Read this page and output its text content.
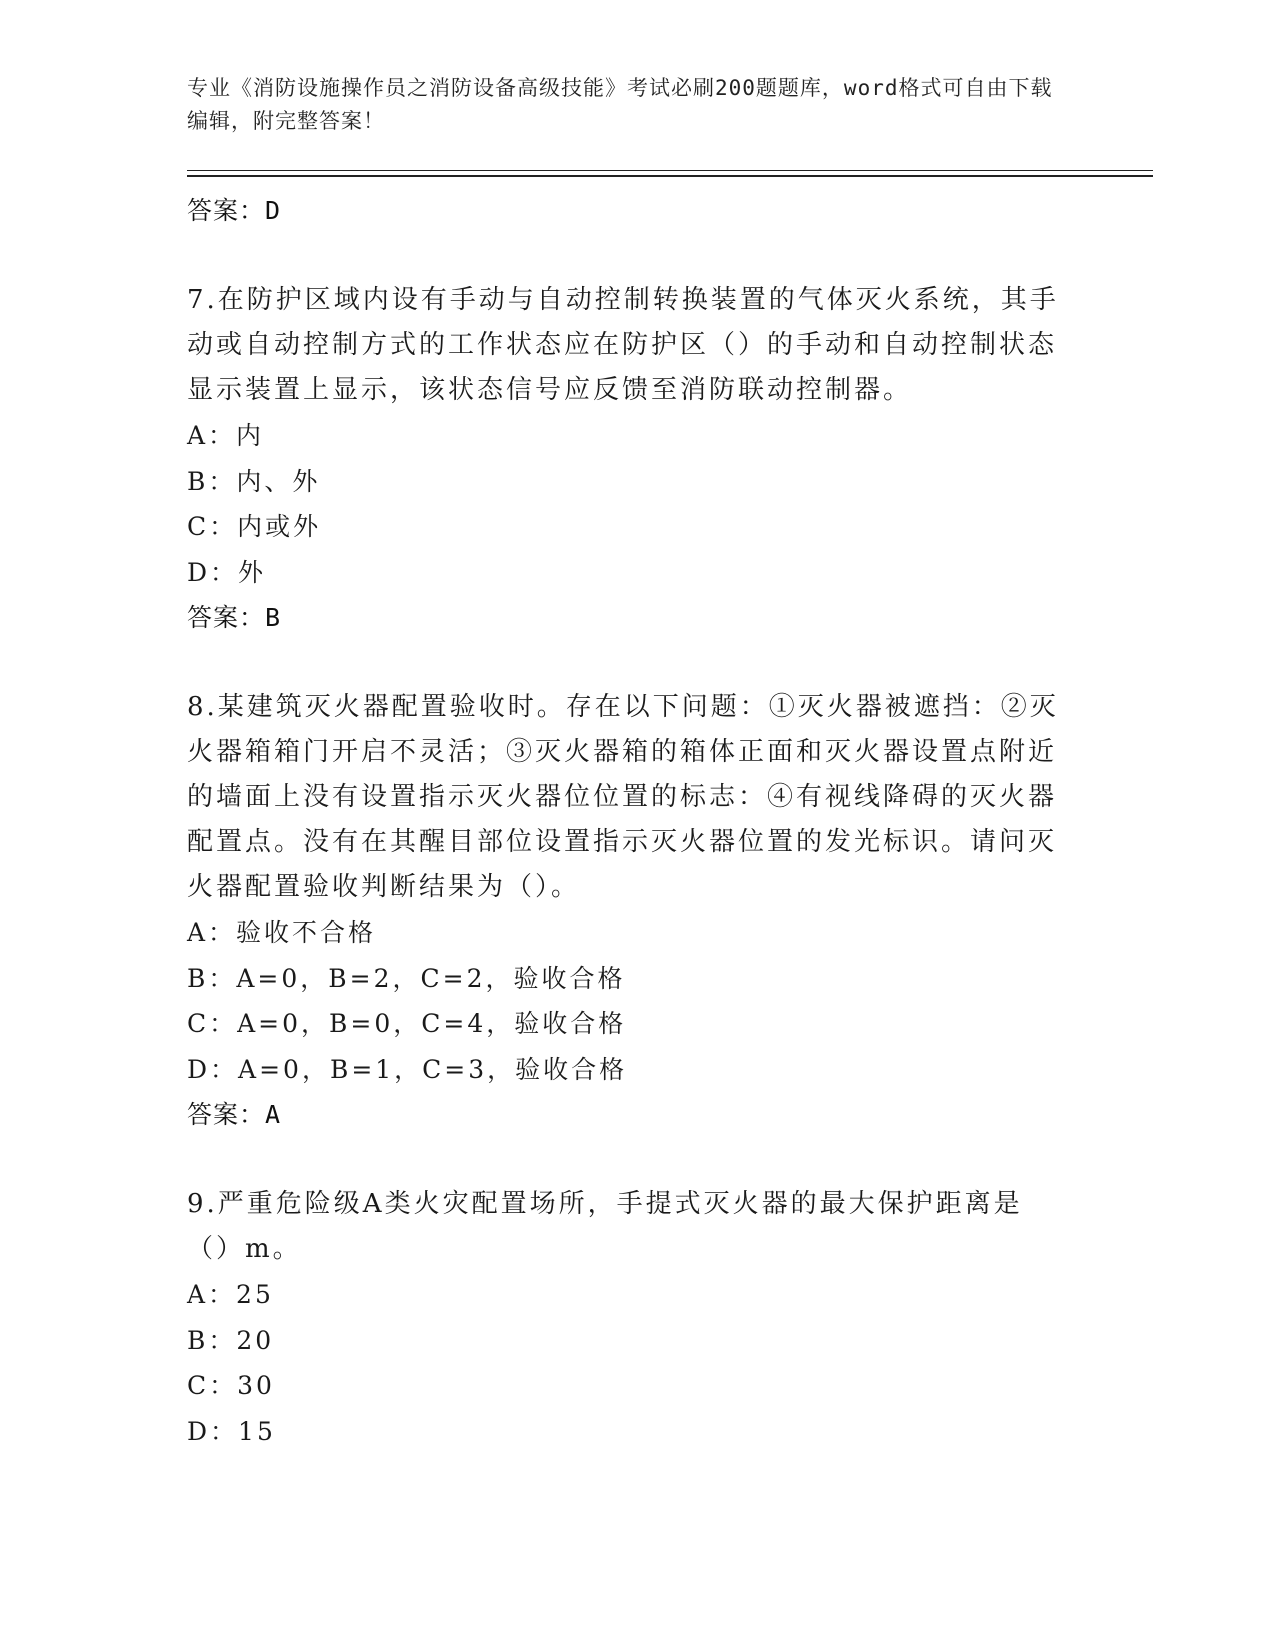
专业《消防设施操作员之消防设备高级技能》考试必刷200题题库，word格式可自由下载编辑，附完整答案！
答案：D
7.在防护区域内设有手动与自动控制转换装置的气体灭火系统，其手动或自动控制方式的工作状态应在防护区（）的手动和自动控制状态显示装置上显示，该状态信号应反馈至消防联动控制器。
A：内
B：内、外
C：内或外
D：外
答案：B
8.某建筑灭火器配置验收时。存在以下问题：①灭火器被遮挡：②灭火器箱箱门开启不灵活；③灭火器箱的箱体正面和灭火器设置点附近的墙面上没有设置指示灭火器位位置的标志：④有视线降碍的灭火器配置点。没有在其醒目部位设置指示灭火器位置的发光标识。请问灭火器配置验收判断结果为（）。
A：验收不合格
B：A=0，B=2，C=2，验收合格
C：A=0，B=0，C=4，验收合格
D：A=0，B=1，C=3，验收合格
答案：A
9.严重危险级A类火灾配置场所，手提式灭火器的最大保护距离是（）m。
A：25
B：20
C：30
D：15
